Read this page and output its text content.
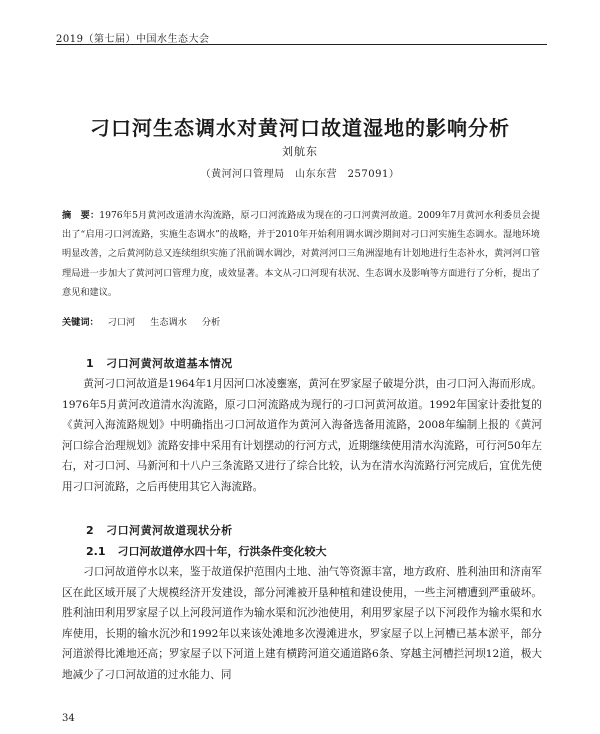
2019（第七届）中国水生态大会
刁口河生态调水对黄河口故道湿地的影响分析
刘航东
（黄河河口管理局　山东东营　257091）
摘　要：1976年5月黄河改道清水沟流路，原刁口河流路成为现在的刁口河黄河故道。2009年7月黄河水利委员会提出了“启用刁口河流路，实施生态调水”的战略，并于2010年开始利用调水调沙期间对刁口河实施生态调水。湿地环境明显改善，之后黄河防总又连续组织实施了汛前调水调沙，对黄河河口三角洲湿地有计划地进行生态补水，黄河河口管理局进一步加大了黄河河口管理力度，成效显著。本文从刁口河现有状况、生态调水及影响等方面进行了分析，提出了意见和建议。
关键词： 刁口河 生态调水 分析
1 刁口河黄河故道基本情况

黄河刁口河故道是1964年1月因河口冰凌壅塞，黄河在罗家屋子破堤分洪，由刁口河入海而形成。1976年5月黄河改道清水沟流路，原刁口河流路成为现行的刁口河黄河故道。1992年国家计委批复的《黄河入海流路规划》中明确指出刁口河故道作为黄河入海备选备用流路，2008年编制上报的《黄河河口综合治理规划》流路安排中采用有计划摆动的行河方式，近期继续使用清水沟流路，可行河50年左右，对刁口河、马新河和十八户三条流路又进行了综合比较，认为在清水沟流路行河完成后，宜优先使用刁口河流路，之后再使用其它入海流路。

2 刁口河黄河故道现状分析
2.1 刁口河故道停水四十年，行洪条件变化较大

刁口河故道停水以来，鉴于故道保护范围内土地、油气等资源丰富，地方政府、胜利油田和济南军区在此区域开展了大规模经济开发建设，部分河滩被开垦种植和建设使用，一些主河槽遭到严重破坏。胜利油田利用罗家屋子以上河段河道作为输水渠和沉沙池使用，利用罗家屋子以下河段作为输水渠和水库使用，长期的输水沉沙和1992年以来该处滩地多次漫滩进水，罗家屋子以上河槽已基本淤平，部分河道淤得比滩地还高；罗家屋子以下河道上建有横跨河道交通道路6条、穿越主河槽拦河坝12道，极大地减少了刁口河故道的过水能力、同

34
